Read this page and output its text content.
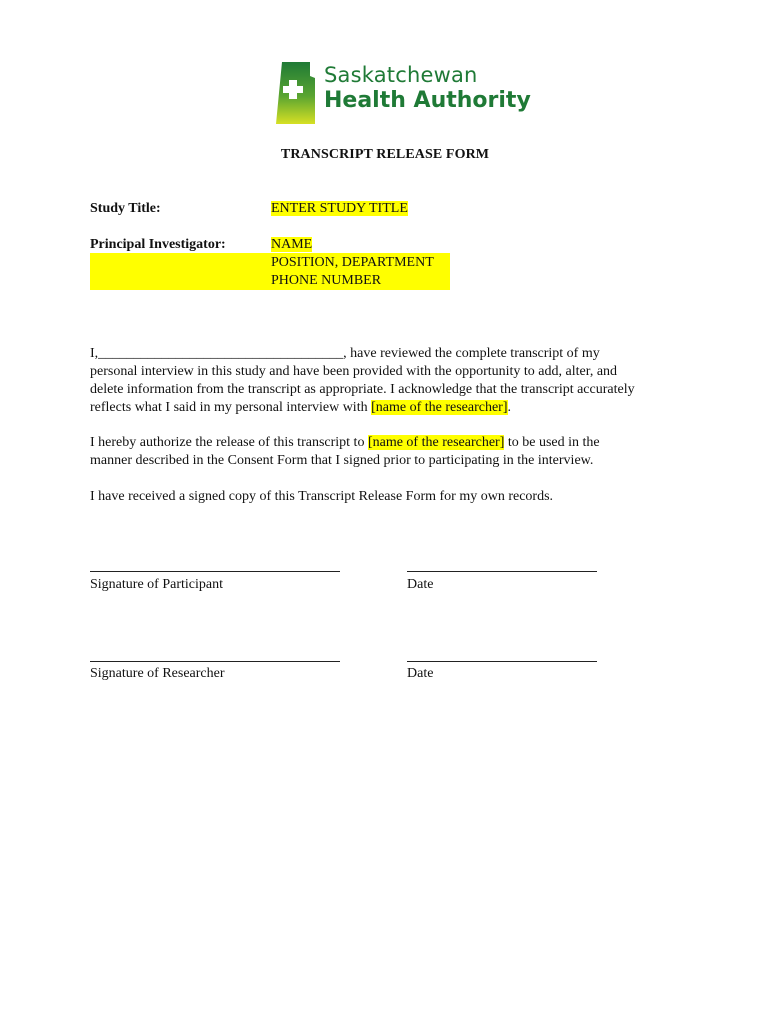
Saskatchewan
Health Authority
TRANSCRIPT RELEASE FORM
Study Title:	ENTER STUDY TITLE
Principal Investigator:	NAME
POSITION, DEPARTMENT
PHONE NUMBER
I,___________________________________, have reviewed the complete transcript of my
personal interview in this study and have been provided with the opportunity to add, alter, and
delete information from the transcript as appropriate. I acknowledge that the transcript accurately
reflects what I said in my personal interview with [name of the researcher].
I hereby authorize the release of this transcript to [name of the researcher] to be used in the
manner described in the Consent Form that I signed prior to participating in the interview.
I have received a signed copy of this Transcript Release Form for my own records.
Signature of Participant	Date
Signature of Researcher	Date
